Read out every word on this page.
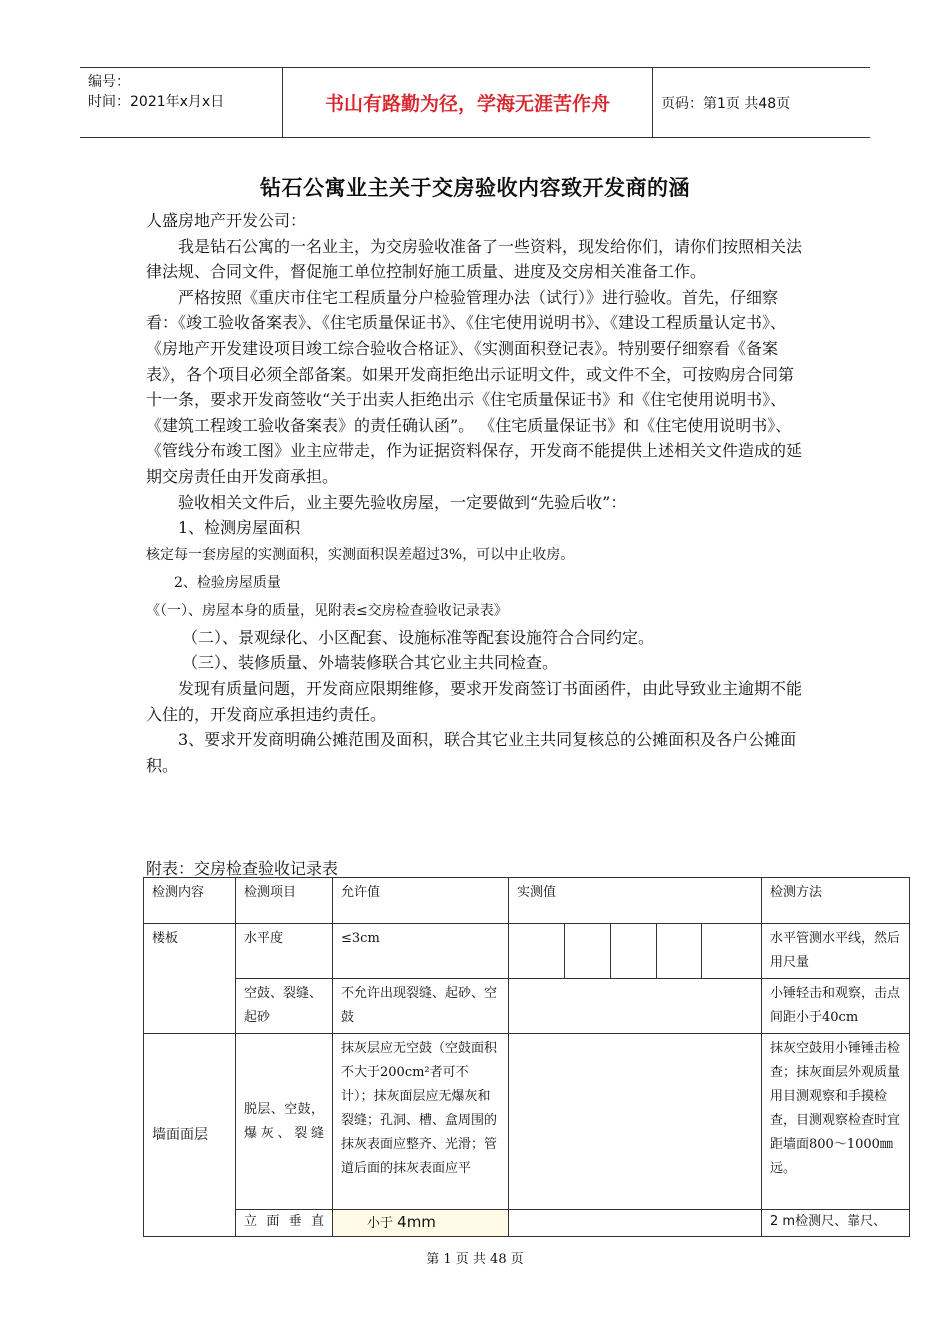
编号：
时间：2021年x月x日	书山有路勤为径，学海无涯苦作舟	页码：第1页 共48页
钻石公寓业主关于交房验收内容致开发商的涵

人盛房地产开发公司：

我是钻石公寓的一名业主，为交房验收准备了一些资料，现发给你们，请你们按照相关法律法规、合同文件，督促施工单位控制好施工质量、进度及交房相关准备工作。

严格按照《重庆市住宅工程质量分户检验管理办法（试行）》进行验收。首先，仔细察看：《竣工验收备案表》、《住宅质量保证书》、《住宅使用说明书》、《建设工程质量认定书》、《房地产开发建设项目竣工综合验收合格证》、《实测面积登记表》。特别要仔细察看《备案表》，各个项目必须全部备案。如果开发商拒绝出示证明文件，或文件不全，可按购房合同第十一条，要求开发商签收“关于出卖人拒绝出示《住宅质量保证书》和《住宅使用说明书》、《建筑工程竣工验收备案表》的责任确认函”。 《住宅质量保证书》和《住宅使用说明书》、《管线分布竣工图》业主应带走，作为证据资料保存，开发商不能提供上述相关文件造成的延期交房责任由开发商承担。

验收相关文件后，业主要先验收房屋，一定要做到“先验后收”：

1、检测房屋面积

核定每一套房屋的实测面积，实测面积误差超过3%，可以中止收房。

2、检验房屋质量

《（一）、房屋本身的质量，见附表≤交房检查验收记录表》

（二）、景观绿化、小区配套、设施标准等配套设施符合合同约定。

（三）、装修质量、外墙装修联合其它业主共同检查。

发现有质量问题，开发商应限期维修，要求开发商签订书面函件，由此导致业主逾期不能入住的，开发商应承担违约责任。

3、要求开发商明确公摊范围及面积，联合其它业主共同复核总的公摊面积及各户公摊面积。

附表：交房检查验收记录表
检测内容	检测项目	允许值	实测值					检测方法
楼板	水平度	≤3cm						水平管测水平线，然后用尺量
	空鼓、裂缝、起砂	不允许出现裂缝、起砂、空鼓						小锤轻击和观察，击点间距小于40cm
墙面面层	脱层、空鼓，爆灰、裂缝	抹灰层应无空鼓（空鼓面积不大于200cm²者可不计）；抹灰面层应无爆灰和裂缝；孔洞、槽、盒周围的抹灰表面应整齐、光滑；管道后面的抹灰表面应平						抹灰空鼓用小锤锤击检查；抹灰面层外观质量用目测观察和手摸检查，目测观察检查时宜距墙面800～1000㎜远。
	立面垂直	小于 4mm						2 m检测尺、靠尺、
第 1 页 共 48 页
